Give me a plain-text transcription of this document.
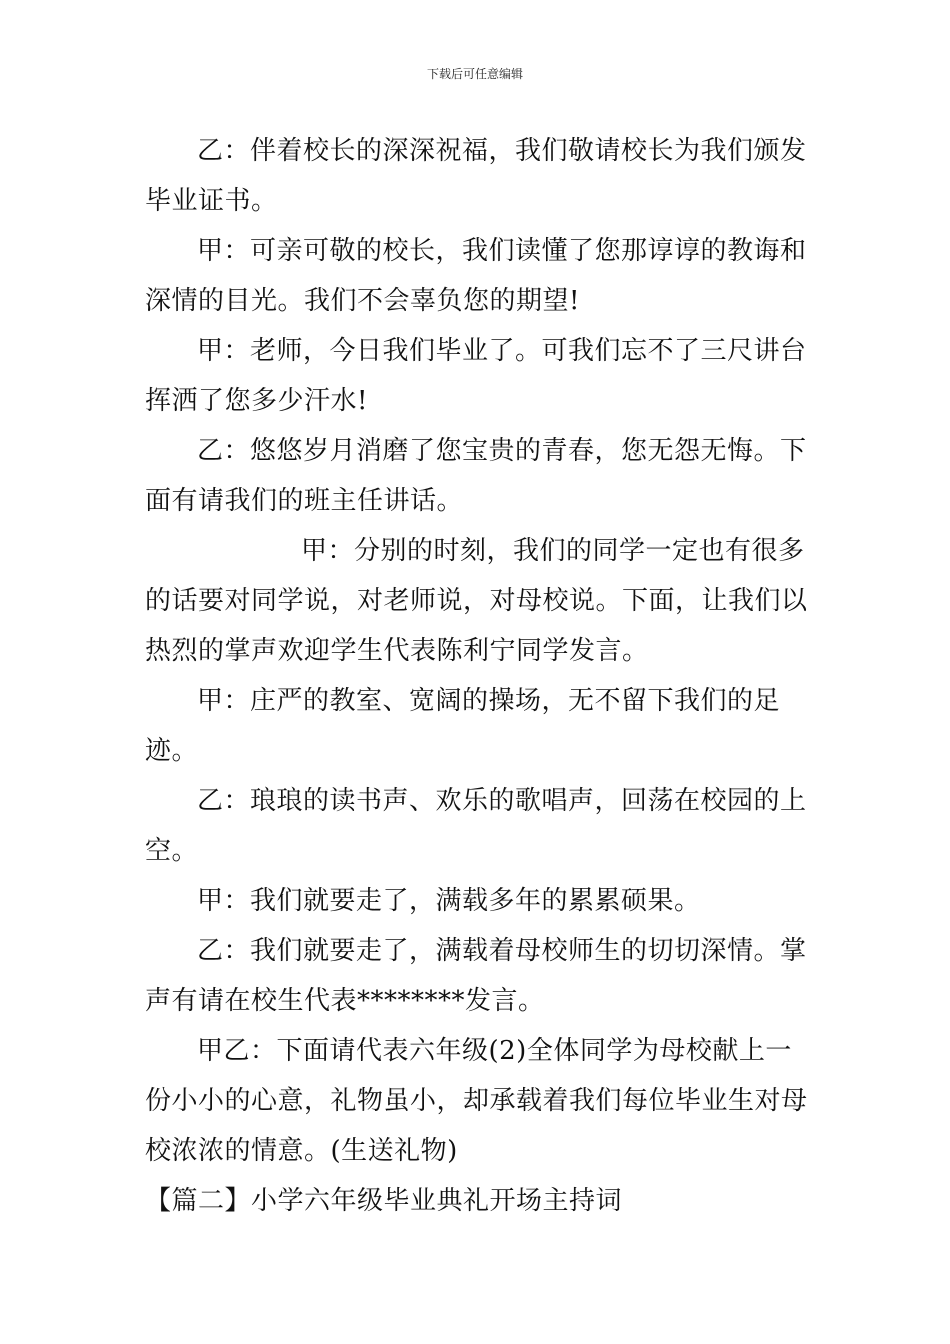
下载后可任意编辑

乙：伴着校长的深深祝福，我们敬请校长为我们颁发毕业证书。

甲：可亲可敬的校长，我们读懂了您那谆谆的教诲和深情的目光。我们不会辜负您的期望!

甲：老师，今日我们毕业了。可我们忘不了三尺讲台挥洒了您多少汗水!

乙：悠悠岁月消磨了您宝贵的青春，您无怨无悔。下面有请我们的班主任讲话。

甲：分别的时刻，我们的同学一定也有很多的话要对同学说，对老师说，对母校说。下面，让我们以热烈的掌声欢迎学生代表陈利宁同学发言。

甲：庄严的教室、宽阔的操场，无不留下我们的足迹。

乙：琅琅的读书声、欢乐的歌唱声，回荡在校园的上空。

甲：我们就要走了，满载多年的累累硕果。

乙：我们就要走了，满载着母校师生的切切深情。掌声有请在校生代表********发言。

甲乙：下面请代表六年级(2)全体同学为母校献上一份小小的心意，礼物虽小，却承载着我们每位毕业生对母校浓浓的情意。(生送礼物)

【篇二】小学六年级毕业典礼开场主持词
